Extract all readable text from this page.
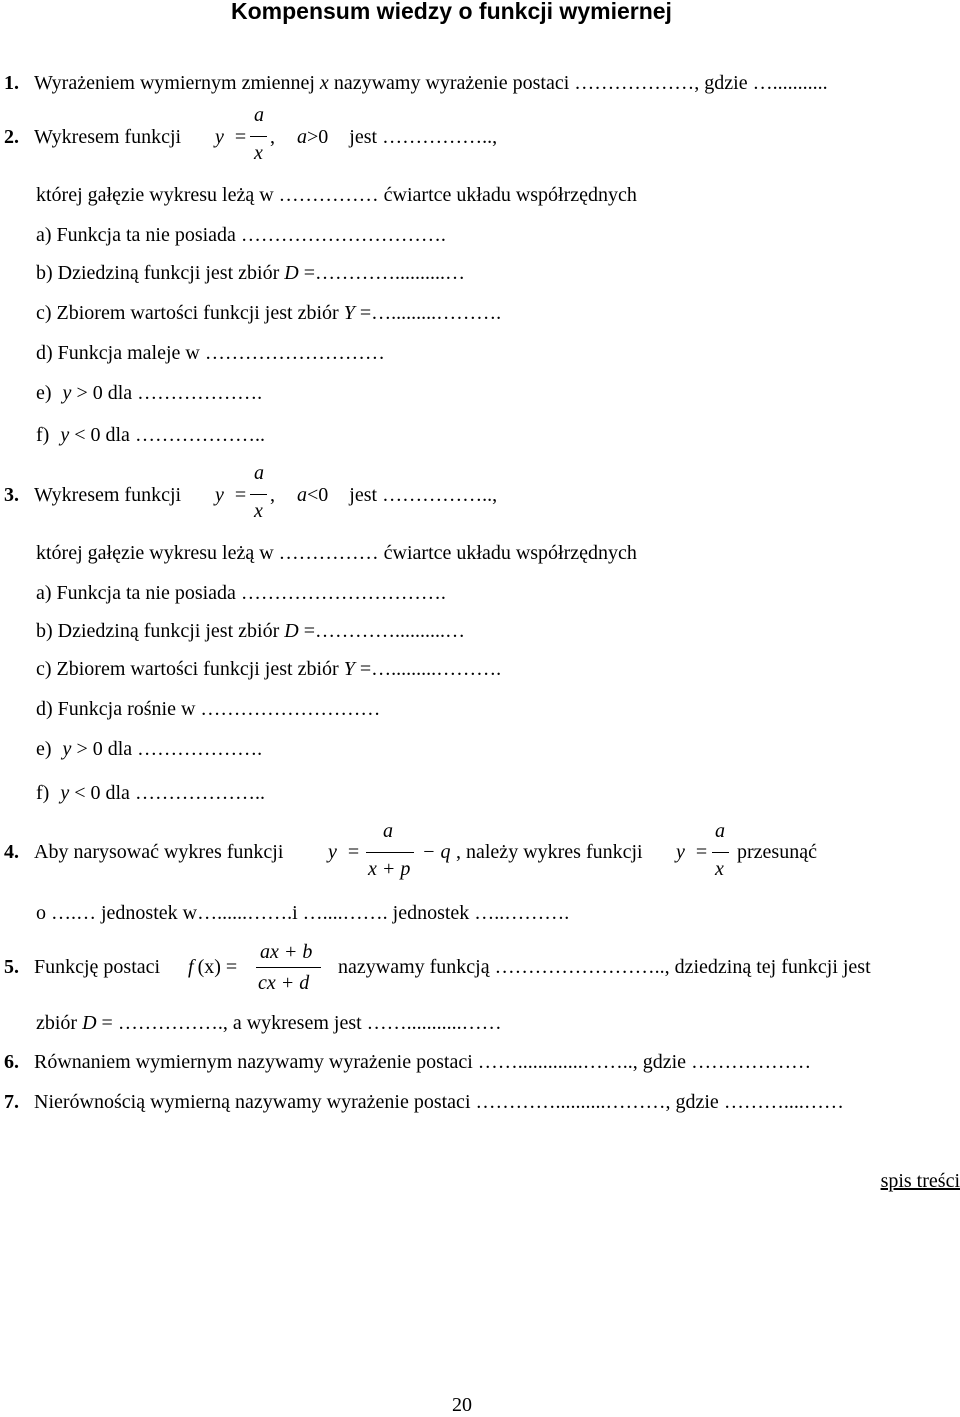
Kompensum wiedzy o funkcji wymiernej
1. Wyrażeniem wymiernym zmiennej x nazywamy wyrażenie postaci ………………, gdzie …...........
2. Wykresem funkcji y =
a
x
, a>0 jest ……………..,
której gałęzie wykresu leżą w …………… ćwiartce układu współrzędnych
a) Funkcja ta nie posiada ………………………….
b) Dziedziną funkcji jest zbiór D =…………..........…
c) Zbiorem wartości funkcji jest zbiór Y =….........……….
d) Funkcja maleje w ………………………
e) y > 0 dla ……………….
f) y < 0 dla ………………..
3. Wykresem funkcji y =
a
x
, a<0 jest ……………..,
której gałęzie wykresu leżą w …………… ćwiartce układu współrzędnych
a) Funkcja ta nie posiada ………………………….
b) Dziedziną funkcji jest zbiór D =…………..........…
c) Zbiorem wartości funkcji jest zbiór Y =….........……….
d) Funkcja rośnie w ………………………
e) y > 0 dla ……………….
f) y < 0 dla ………………..
4. Aby narysować wykres funkcji y =
a
x + p
− q , należy wykres funkcji y =
a
x
przesunąć
o ….… jednostek w…......…….i …....……. jednostek …..……….
5. Funkcję postaci f (x) =
ax + b
cx + d
nazywamy funkcją …………………….., dziedziną tej funkcji jest
zbiór D = ……………., a wykresem jest ……...........……
6. Równaniem wymiernym nazywamy wyrażenie postaci …….............…….., gdzie ………………
7. Nierównością wymierną nazywamy wyrażenie postaci …………..........………, gdzie ………....……
spis treści
20
